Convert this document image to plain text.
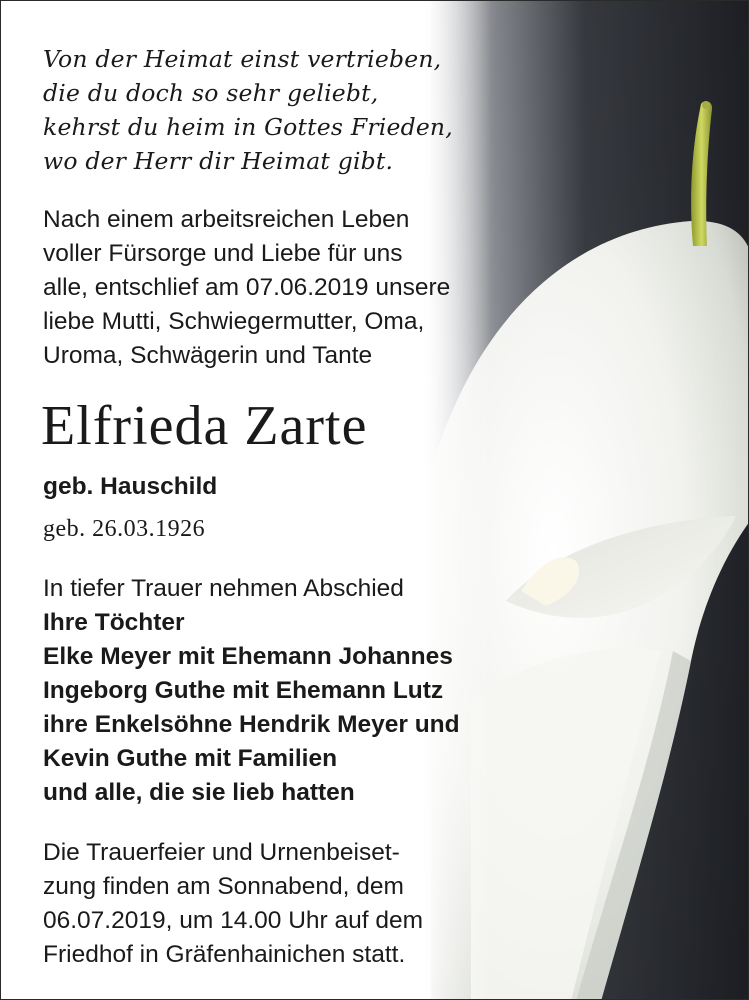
Von der Heimat einst vertrieben,
die du doch so sehr geliebt,
kehrst du heim in Gottes Frieden,
wo der Herr dir Heimat gibt.
Nach einem arbeitsreichen Leben
voller Fürsorge und Liebe für uns
alle, entschlief am 07.06.2019 unsere
liebe Mutti, Schwiegermutter, Oma,
Uroma, Schwägerin und Tante
Elfrieda Zarte
geb. Hauschild
geb. 26.03.1926
In tiefer Trauer nehmen Abschied
Ihre Töchter
Elke Meyer mit Ehemann Johannes
Ingeborg Guthe mit Ehemann Lutz
ihre Enkelsöhne Hendrik Meyer und
Kevin Guthe mit Familien
und alle, die sie lieb hatten
Die Trauerfeier und Urnenbeiset-
zung finden am Sonnabend, dem
06.07.2019, um 14.00 Uhr auf dem
Friedhof in Gräfenhainichen statt.
